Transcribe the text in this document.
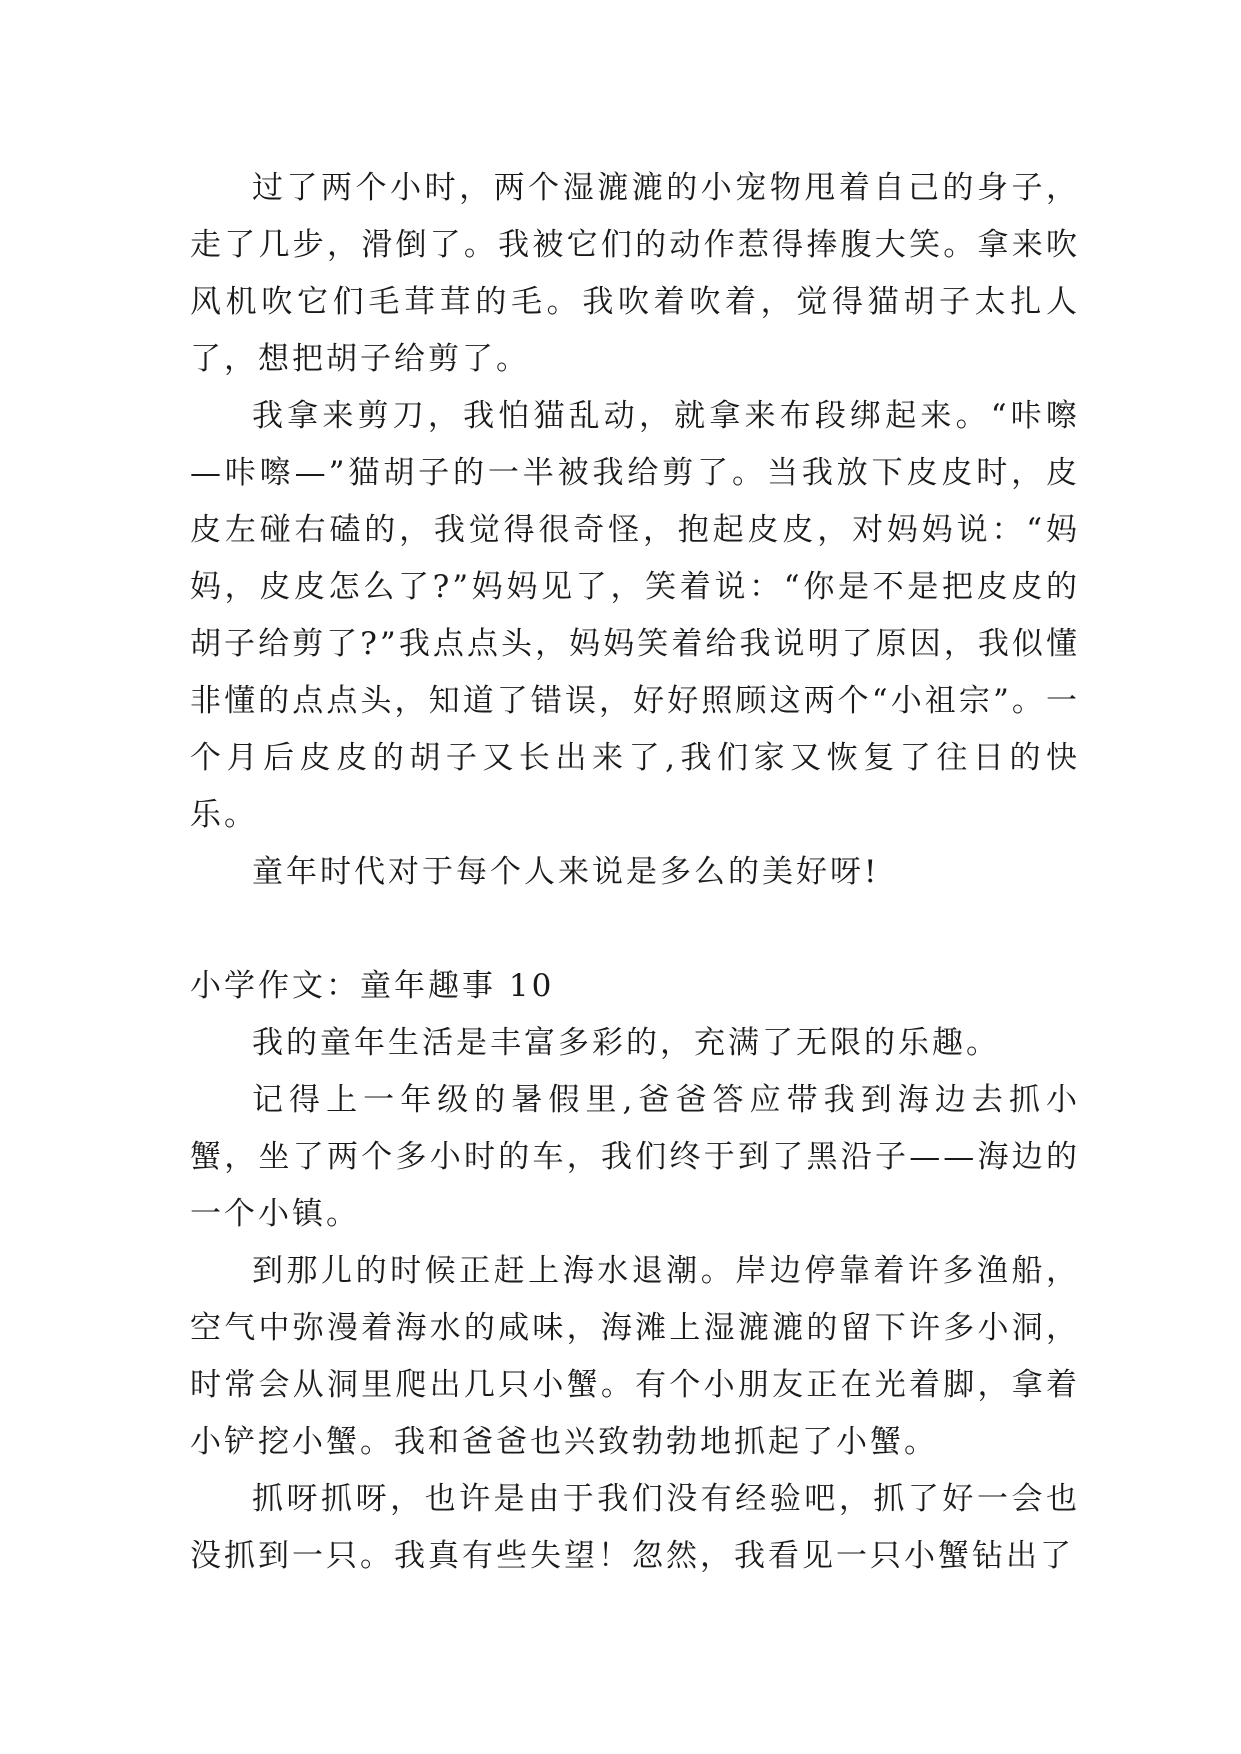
过了两个小时，两个湿漉漉的小宠物甩着自己的身子，走了几步，滑倒了。我被它们的动作惹得捧腹大笑。拿来吹风机吹它们毛茸茸的毛。我吹着吹着，觉得猫胡子太扎人了，想把胡子给剪了。

我拿来剪刀，我怕猫乱动，就拿来布段绑起来。“咔嚓—咔嚓—”猫胡子的一半被我给剪了。当我放下皮皮时，皮皮左碰右磕的，我觉得很奇怪，抱起皮皮，对妈妈说：“妈妈，皮皮怎么了?”妈妈见了，笑着说：“你是不是把皮皮的胡子给剪了?”我点点头，妈妈笑着给我说明了原因，我似懂非懂的点点头，知道了错误，好好照顾这两个“小祖宗”。一个月后皮皮的胡子又长出来了,我们家又恢复了往日的快乐。

童年时代对于每个人来说是多么的美好呀!

小学作文：童年趣事 10

我的童年生活是丰富多彩的，充满了无限的乐趣。

记得上一年级的暑假里,爸爸答应带我到海边去抓小蟹，坐了两个多小时的车，我们终于到了黑沿子——海边的一个小镇。

到那儿的时候正赶上海水退潮。岸边停靠着许多渔船，空气中弥漫着海水的咸味，海滩上湿漉漉的留下许多小洞，时常会从洞里爬出几只小蟹。有个小朋友正在光着脚，拿着小铲挖小蟹。我和爸爸也兴致勃勃地抓起了小蟹。

抓呀抓呀，也许是由于我们没有经验吧，抓了好一会也没抓到一只。我真有些失望！忽然，我看见一只小蟹钻出了
